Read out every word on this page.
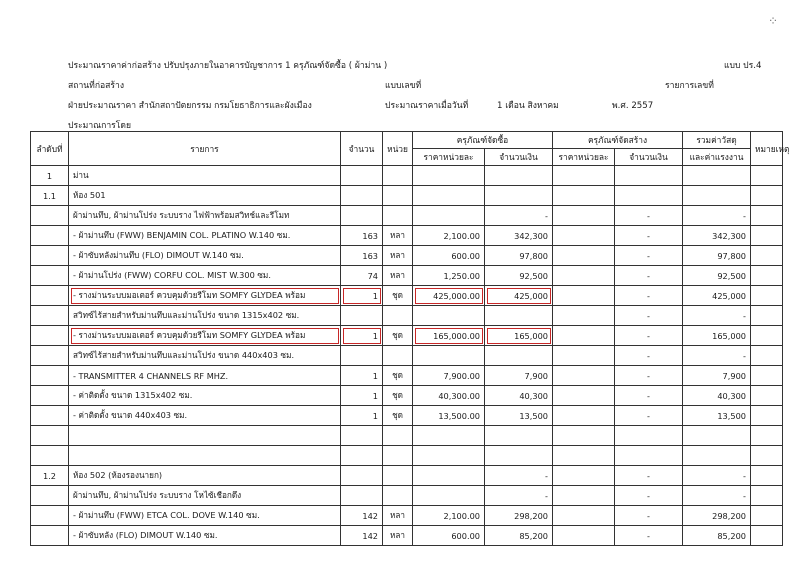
ประมาณราคาค่าก่อสร้าง ปรับปรุงภายในอาคารบัญชาการ 1 ครุภัณฑ์จัดซื้อ ( ผ้าม่าน )	แบบ ปร.4
สถานที่ก่อสร้าง	แบบเลขที่	รายการเลขที่
ฝ่ายประมาณราคา สำนักสถาปัตยกรรม กรมโยธาธิการและผังเมือง	ประมาณราคาเมื่อวันที่	1 เดือน สิงหาคม	พ.ศ. 2557
ประมาณการโดย
⁘
ลำดับที่	รายการ	จำนวน	หน่วย	ครุภัณฑ์จัดซื้อ		ครุภัณฑ์จัดสร้าง		รวมค่าวัสดุ	หมายเหตุ
				ราคาหน่วยละ	จำนวนเงิน	ราคาหน่วยละ	จำนวนเงิน	และค่าแรงงาน	
1	ม่าน								
1.1	ห้อง 501								
	ผ้าม่านทึบ, ผ้าม่านโปร่ง ระบบราง ไฟฟ้าพร้อมสวิทช์และรีโมท				-		-	-	
	- ผ้าม่านทึบ (FWW) BENJAMIN COL. PLATINO W.140 ซม.	163	หลา	2,100.00	342,300		-	342,300	
	- ผ้าซับหลังม่านทึบ (FLO) DIMOUT W.140 ซม.	163	หลา	600.00	97,800		-	97,800	
	- ผ้าม่านโปร่ง (FWW) CORFU COL. MIST W.300 ซม.	74	หลา	1,250.00	92,500		-	92,500	
	- รางม่านระบบมอเตอร์ ควบคุมด้วยรีโมท SOMFY GLYDEA พร้อม	1	ชุด	425,000.00	425,000		-	425,000	
	สวิทซ์ไร้สายสำหรับม่านทึบและม่านโปร่ง ขนาด 1315x402 ซม.						-	-	
	- รางม่านระบบมอเตอร์ ควบคุมด้วยรีโมท SOMFY GLYDEA พร้อม	1	ชุด	165,000.00	165,000		-	165,000	
	สวิทซ์ไร้สายสำหรับม่านทึบและม่านโปร่ง ขนาด 440x403 ซม.						-	-	
	- TRANSMITTER 4 CHANNELS RF MHZ.	1	ชุด	7,900.00	7,900		-	7,900	
	- ค่าติดตั้ง ขนาด 1315x402 ซม.	1	ชุด	40,300.00	40,300		-	40,300	
	- ค่าติดตั้ง ขนาด 440x403 ซม.	1	ชุด	13,500.00	13,500		-	13,500	

1.2	ห้อง 502 (ห้องรองนายก)				-		-	-	
	ผ้าม่านทึบ, ผ้าม่านโปร่ง ระบบราง โหไซ้เชือกดึง				-		-	-	
	- ผ้าม่านทึบ (FWW) ETCA COL. DOVE W.140 ซม.	142	หลา	2,100.00	298,200		-	298,200	
	- ผ้าซับหลัง (FLO) DIMOUT W.140 ซม.	142	หลา	600.00	85,200		-	85,200	
